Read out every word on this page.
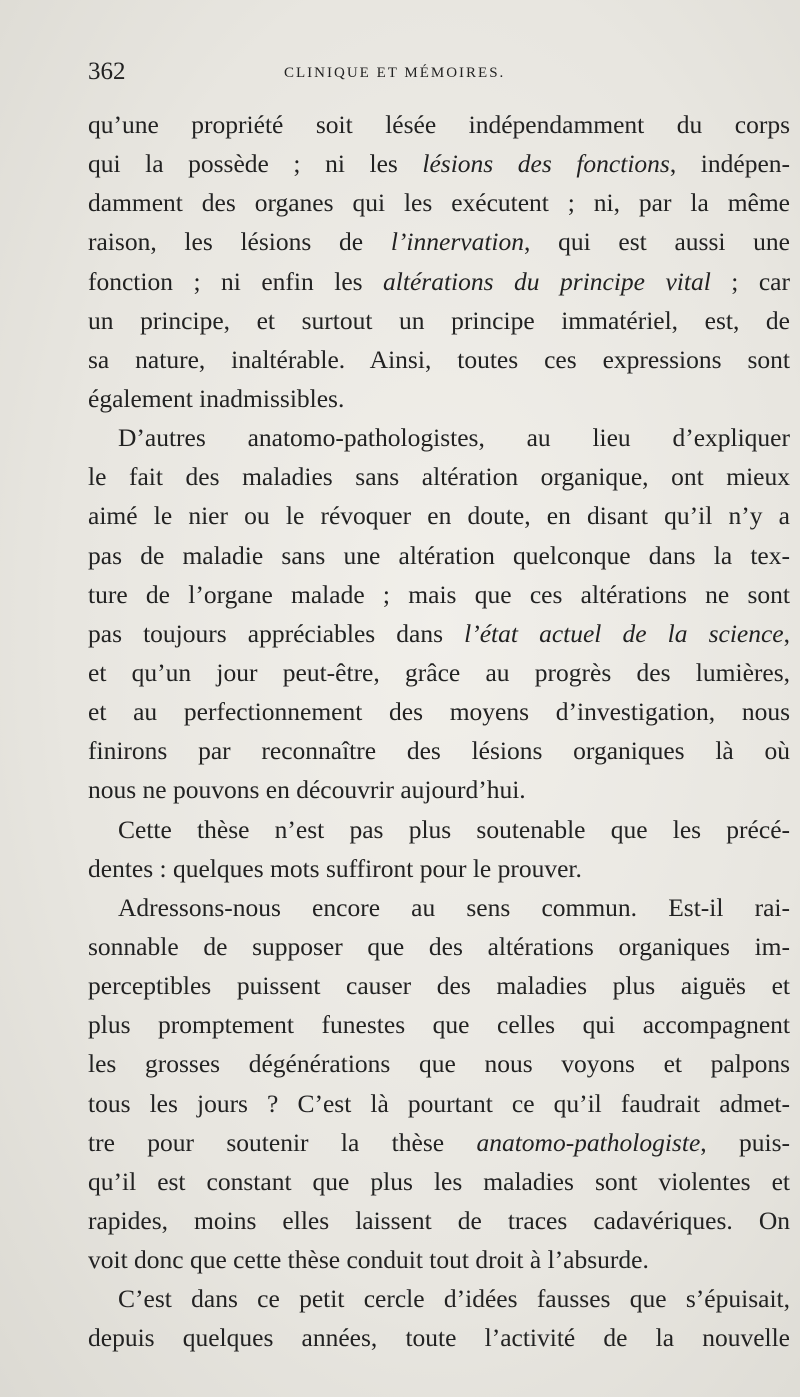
362	CLINIQUE ET MÉMOIRES.
qu’une propriété soit lésée indépendamment du corps
qui la possède ; ni les lésions des fonctions, indépen-
damment des organes qui les exécutent ; ni, par la même
raison, les lésions de l’innervation, qui est aussi une
fonction ; ni enfin les altérations du principe vital ; car
un principe, et surtout un principe immatériel, est, de
sa nature, inaltérable. Ainsi, toutes ces expressions sont
également inadmissibles.
D’autres anatomo-pathologistes, au lieu d’expliquer
le fait des maladies sans altération organique, ont mieux
aimé le nier ou le révoquer en doute, en disant qu’il n’y a
pas de maladie sans une altération quelconque dans la tex-
ture de l’organe malade ; mais que ces altérations ne sont
pas toujours appréciables dans l’état actuel de la science,
et qu’un jour peut-être, grâce au progrès des lumières,
et au perfectionnement des moyens d’investigation, nous
finirons par reconnaître des lésions organiques là où
nous ne pouvons en découvrir aujourd’hui.
Cette thèse n’est pas plus soutenable que les précé-
dentes : quelques mots suffiront pour le prouver.
Adressons-nous encore au sens commun. Est-il rai-
sonnable de supposer que des altérations organiques im-
perceptibles puissent causer des maladies plus aiguës et
plus promptement funestes que celles qui accompagnent
les grosses dégénérations que nous voyons et palpons
tous les jours ? C’est là pourtant ce qu’il faudrait admet-
tre pour soutenir la thèse anatomo-pathologiste, puis-
qu’il est constant que plus les maladies sont violentes et
rapides, moins elles laissent de traces cadavériques. On
voit donc que cette thèse conduit tout droit à l’absurde.
C’est dans ce petit cercle d’idées fausses que s’épuisait,
depuis quelques années, toute l’activité de la nouvelle
